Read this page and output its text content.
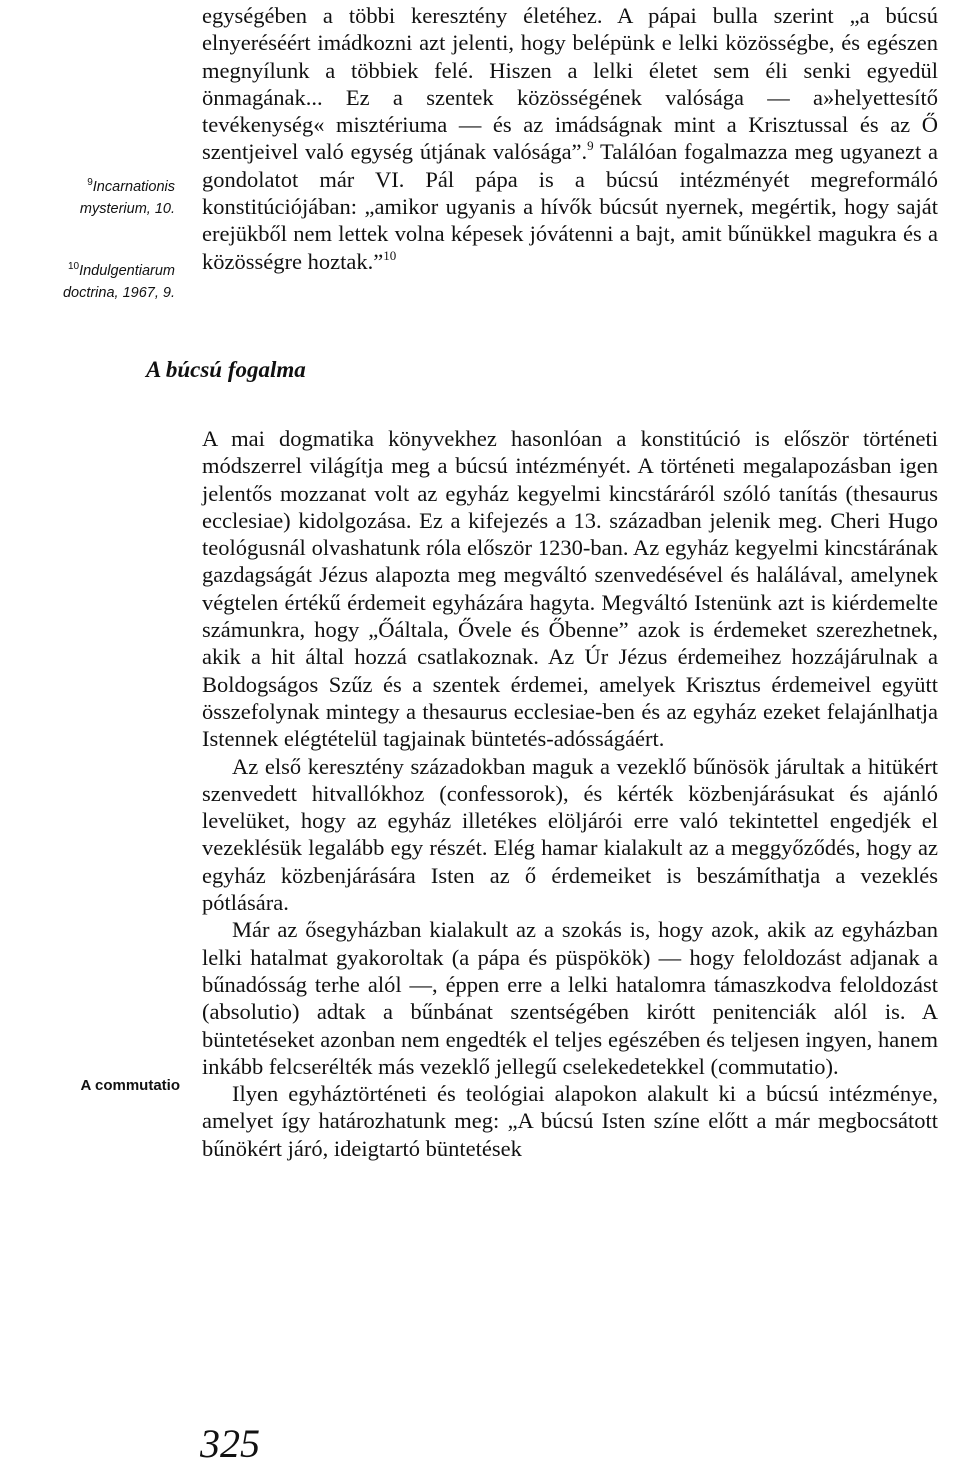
egységében a többi keresztény életéhez. A pápai bulla szerint „a búcsú elnyeréséért imádkozni azt jelenti, hogy belépünk e lelki közösségbe, és egészen megnyílunk a többiek felé. Hiszen a lelki életet sem éli senki egyedül önmagának... Ez a szentek közösségének valósága — a»helyettesítő tevékenység« misztériuma — és az imádságnak mint a Krisztussal és az Ő szentjeivel való egység útjának valósága”.$^9$ Találóan fogalmazza meg ugyanezt a gondolatot már VI. Pál pápa is a búcsú intézményét megreformáló konstitúciójában: „amikor ugyanis a hívők búcsút nyernek, megértik, hogy saját erejükből nem lettek volna képesek jóvátenni a bajt, amit bűnükkel magukra és a közösségre hoztak.”$^{10}$

$^9$Incarnationis
mysterium, 10.
$^{10}$Indulgentiarum
doctrina, 1967, 9.
A búcsú fogalma

A mai dogmatika könyvekhez hasonlóan a konstitúció is először történeti módszerrel világítja meg a búcsú intézményét. A történeti megalapozásban igen jelentős mozzanat volt az egyház kegyelmi kincstáráról szóló tanítás (thesaurus ecclesiae) kidolgozása. Ez a kifejezés a 13. században jelenik meg. Cheri Hugo teológusnál olvashatunk róla először 1230-ban. Az egyház kegyelmi kincstárának gazdagságát Jézus alapozta meg megváltó szenvedésével és halálával, amelynek végtelen értékű érdemeit egyházára hagyta. Megváltó Istenünk azt is kiérdemelte számunkra, hogy „Őáltala, Ővele és Őbenne” azok is érdemeket szerezhetnek, akik a hit által hozzá csatlakoznak. Az Úr Jézus érdemeihez hozzájárulnak a Boldogságos Szűz és a szentek érdemei, amelyek Krisztus érdemeivel együtt összefolynak mintegy a thesaurus ecclesiae-ben és az egyház ezeket felajánlhatja Istennek elégtételül tagjainak büntetés-adósságáért.

Az első keresztény századokban maguk a vezeklő bűnösök járultak a hitükért szenvedett hitvallókhoz (confessorok), és kérték közbenjárásukat és ajánló levelüket, hogy az egyház illetékes elöljárói erre való tekintettel engedjék el vezeklésük legalább egy részét. Elég hamar kialakult az a meggyőződés, hogy az egyház közbenjárására Isten az ő érdemeiket is beszámíthatja a vezeklés pótlására.

Már az ősegyházban kialakult az a szokás is, hogy azok, akik az egyházban lelki hatalmat gyakoroltak (a pápa és püspökök) — hogy feloldozást adjanak a bűnadósság terhe alól —, éppen erre a lelki hatalomra támaszkodva feloldozást (absolutio) adtak a bűnbánat szentségében kirótt penitenciák alól is. A büntetéseket azonban nem engedték el teljes egészében és teljesen ingyen, hanem inkább felcserélték más vezeklő jellegű cselekedetekkel (commutatio).

Ilyen egyháztörténeti és teológiai alapokon alakult ki a búcsú intézménye, amelyet így határozhatunk meg: „A búcsú Isten színe előtt a már megbocsátott bűnökért járó, ideigtartó büntetések

A commutatio
325
